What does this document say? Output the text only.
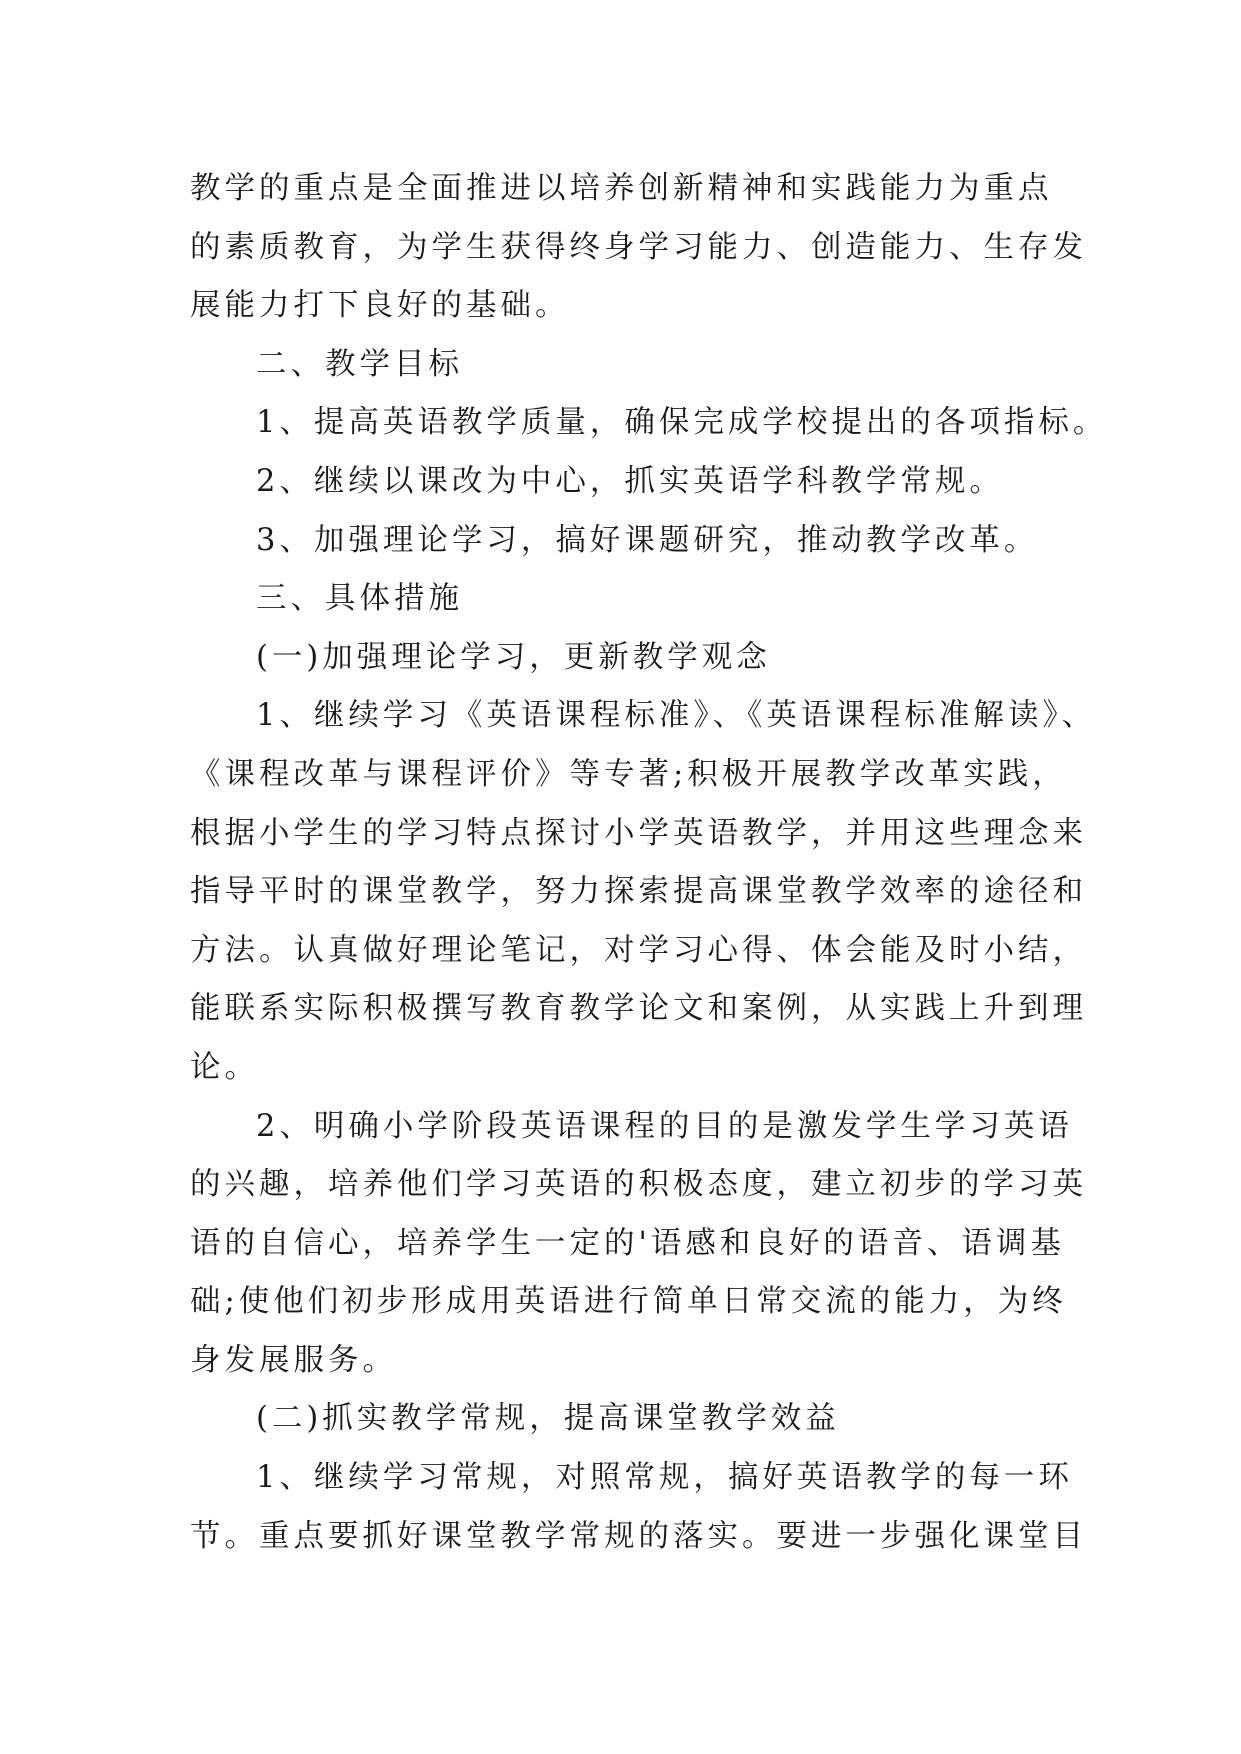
教学的重点是全面推进以培养创新精神和实践能力为重点
的素质教育，为学生获得终身学习能力、创造能力、生存发
展能力打下良好的基础。
二、教学目标
1、提高英语教学质量，确保完成学校提出的各项指标。
2、继续以课改为中心，抓实英语学科教学常规。
3、加强理论学习，搞好课题研究，推动教学改革。
三、具体措施
(一)加强理论学习，更新教学观念
1、继续学习《英语课程标准》、《英语课程标准解读》、
《课程改革与课程评价》等专著;积极开展教学改革实践，
根据小学生的学习特点探讨小学英语教学，并用这些理念来
指导平时的课堂教学，努力探索提高课堂教学效率的途径和
方法。认真做好理论笔记，对学习心得、体会能及时小结，
能联系实际积极撰写教育教学论文和案例，从实践上升到理
论。
2、明确小学阶段英语课程的目的是激发学生学习英语
的兴趣，培养他们学习英语的积极态度，建立初步的学习英
语的自信心，培养学生一定的'语感和良好的语音、语调基
础;使他们初步形成用英语进行简单日常交流的能力，为终
身发展服务。
(二)抓实教学常规，提高课堂教学效益
1、继续学习常规，对照常规，搞好英语教学的每一环
节。重点要抓好课堂教学常规的落实。要进一步强化课堂目
